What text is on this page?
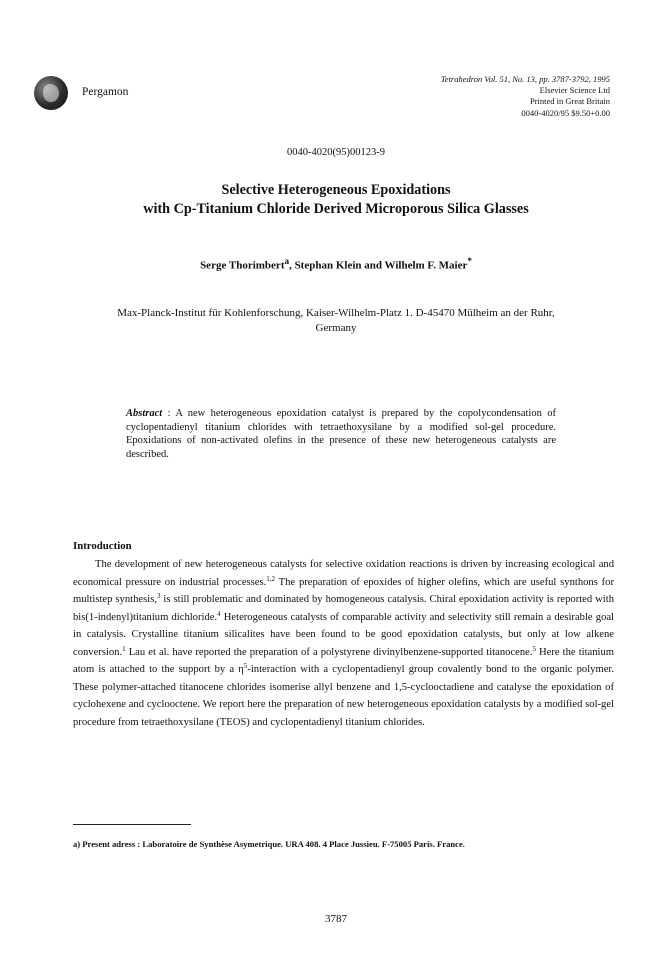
Pergamon
Tetrahedron Vol. 51, No. 13, pp. 3787-3792, 1995
Elsevier Science Ltd
Printed in Great Britain
0040-4020/95 $9.50+0.00
0040-4020(95)00123-9
Selective Heterogeneous Epoxidations
with Cp-Titanium Chloride Derived Microporous Silica Glasses
Serge Thorimbert$^a$, Stephan Klein and Wilhelm F. Maier*
Max-Planck-Institut für Kohlenforschung, Kaiser-Wilhelm-Platz 1. D-45470 Mülheim an der Ruhr,
Germany
Abstract : A new heterogeneous epoxidation catalyst is prepared by the copolycondensation of cyclopentadienyl titanium chlorides with tetraethoxysilane by a modified sol-gel procedure. Epoxidations of non-activated olefins in the presence of these new heterogeneous catalysts are described.
Introduction
The development of new heterogeneous catalysts for selective oxidation reactions is driven by increasing ecological and economical pressure on industrial processes.$^{1,2}$ The preparation of epoxides of higher olefins, which are useful synthons for multistep synthesis,$^3$ is still problematic and dominated by homogeneous catalysis. Chiral epoxidation activity is reported with bis(1-indenyl)titanium dichloride.$^4$ Heterogeneous catalysts of comparable activity and selectivity still remain a desirable goal in catalysis. Crystalline titanium silicalites have been found to be good epoxidation catalysts, but only at low alkene conversion.$^1$ Lau et al. have reported the preparation of a polystyrene divinylbenzene-supported titanocene.$^5$ Here the titanium atom is attached to the support by a $\eta^5$-interaction with a cyclopentadienyl group covalently bond to the organic polymer. These polymer-attached titanocene chlorides isomerise allyl benzene and 1,5-cyclooctadiene and catalyse the epoxidation of cyclohexene and cyclooctene. We report here the preparation of new heterogeneous epoxidation catalysts by a modified sol-gel procedure from tetraethoxysilane (TEOS) and cyclopentadienyl titanium chlorides.
a) Present adress : Laboratoire de Synthèse Asymetrique. URA 408. 4 Place Jussieu. F-75005 Paris. France.
3787
